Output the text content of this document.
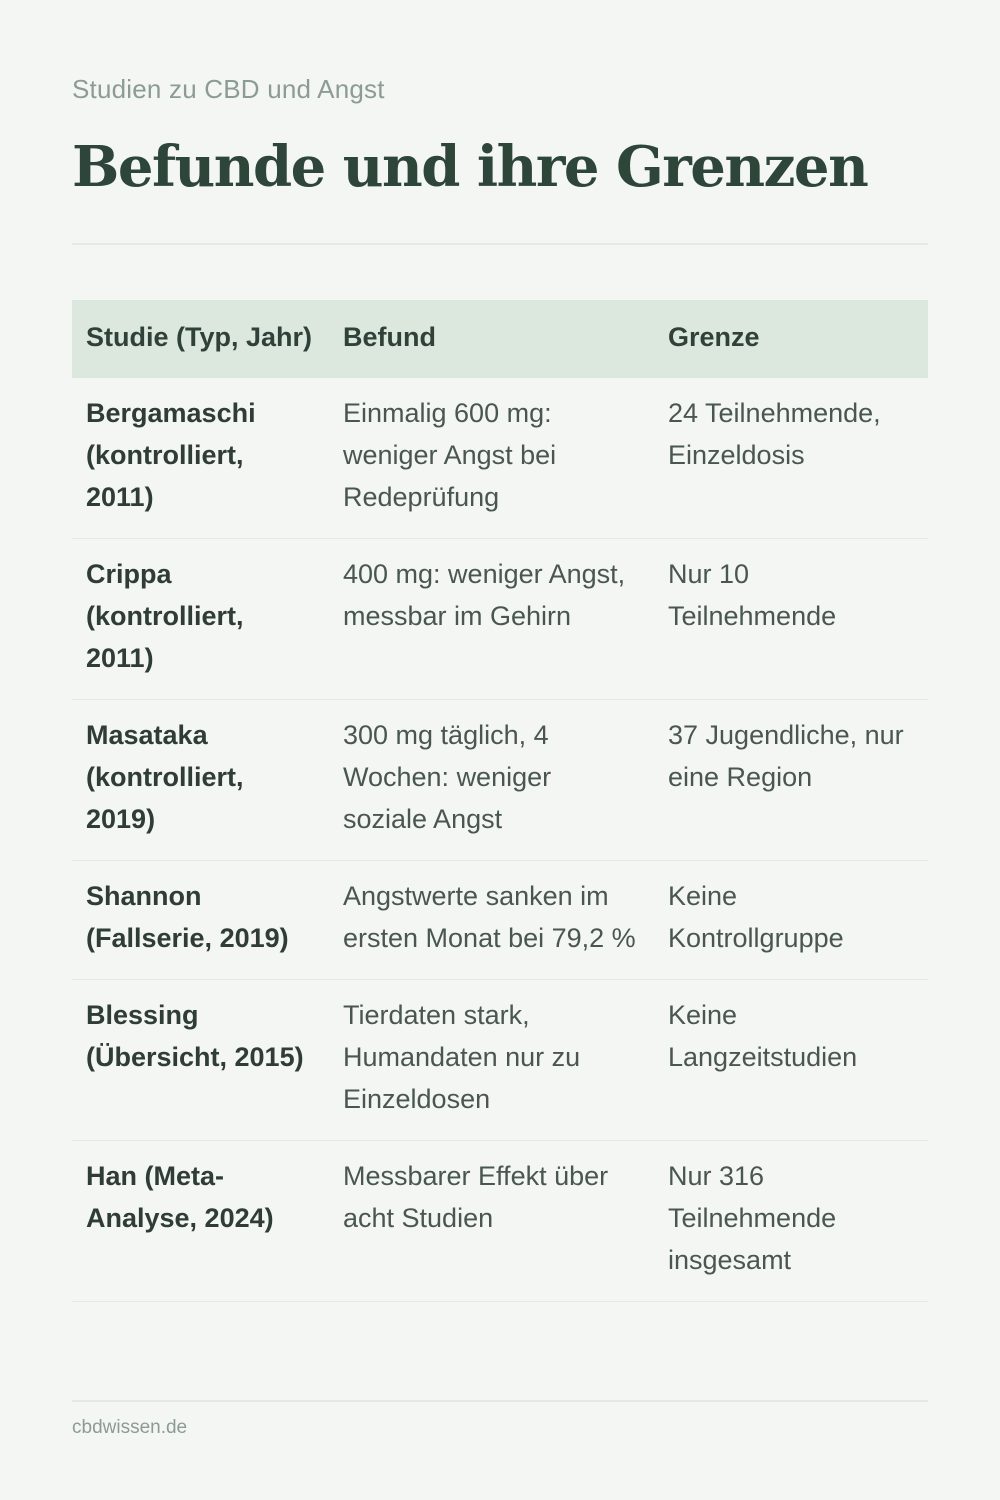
Studien zu CBD und Angst
Befunde und ihre Grenzen
Studie (Typ, Jahr)	Befund	Grenze
Bergamaschi (kontrolliert, 2011)	Einmalig 600 mg: weniger Angst bei Redeprüfung	24 Teilnehmende, Einzeldosis
Crippa (kontrolliert, 2011)	400 mg: weniger Angst, messbar im Gehirn	Nur 10 Teilnehmende
Masataka (kontrolliert, 2019)	300 mg täglich, 4 Wochen: weniger soziale Angst	37 Jugendliche, nur eine Region
Shannon (Fallserie, 2019)	Angstwerte sanken im ersten Monat bei 79,2 %	Keine Kontrollgruppe
Blessing (Übersicht, 2015)	Tierdaten stark, Humandaten nur zu Einzeldosen	Keine Langzeitstudien
Han (Meta-Analyse, 2024)	Messbarer Effekt über acht Studien	Nur 316 Teilnehmende insgesamt
cbdwissen.de
